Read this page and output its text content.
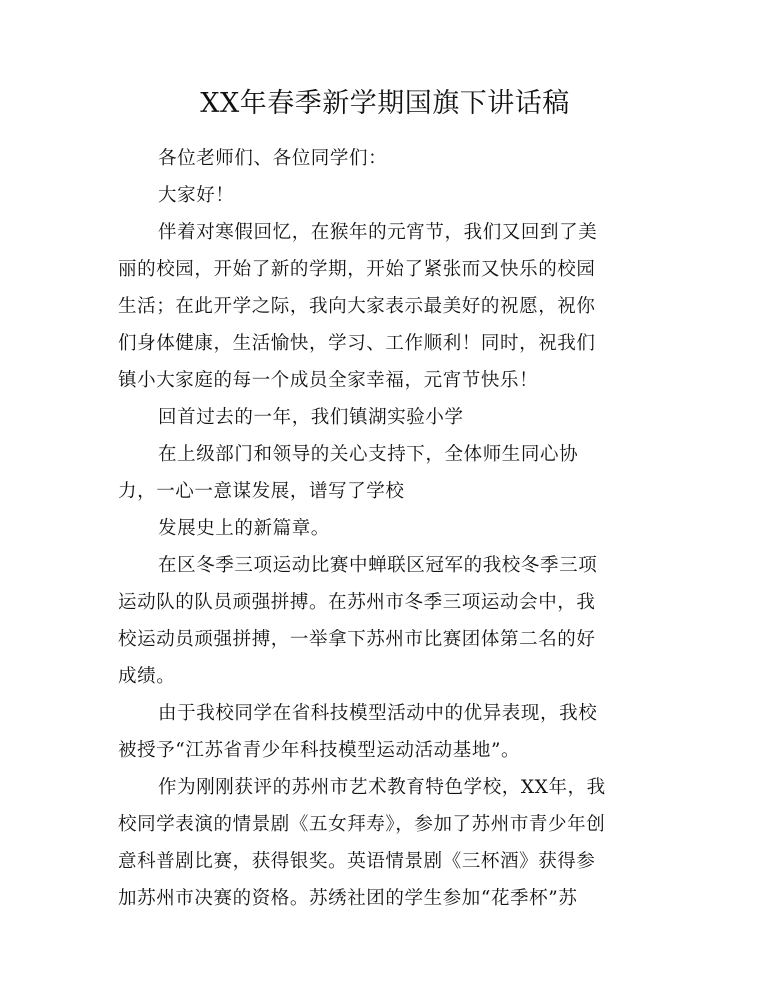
XX年春季新学期国旗下讲话稿

各位老师们、各位同学们：

大家好！

伴着对寒假回忆，在猴年的元宵节，我们又回到了美

丽的校园，开始了新的学期，开始了紧张而又快乐的校园

生活；在此开学之际，我向大家表示最美好的祝愿，祝你

们身体健康，生活愉快，学习、工作顺利！同时，祝我们

镇小大家庭的每一个成员全家幸福，元宵节快乐！

回首过去的一年，我们镇湖实验小学

在上级部门和领导的关心支持下，全体师生同心协

力，一心一意谋发展，谱写了学校

发展史上的新篇章。

在区冬季三项运动比赛中蝉联区冠军的我校冬季三项

运动队的队员顽强拼搏。在苏州市冬季三项运动会中，我

校运动员顽强拼搏，一举拿下苏州市比赛团体第二名的好

成绩。

由于我校同学在省科技模型活动中的优异表现，我校

被授予“江苏省青少年科技模型运动活动基地”。

作为刚刚获评的苏州市艺术教育特色学校，XX年，我

校同学表演的情景剧《五女拜寿》，参加了苏州市青少年创

意科普剧比赛，获得银奖。英语情景剧《三杯酒》获得参

加苏州市决赛的资格。苏绣社团的学生参加“花季杯”苏
